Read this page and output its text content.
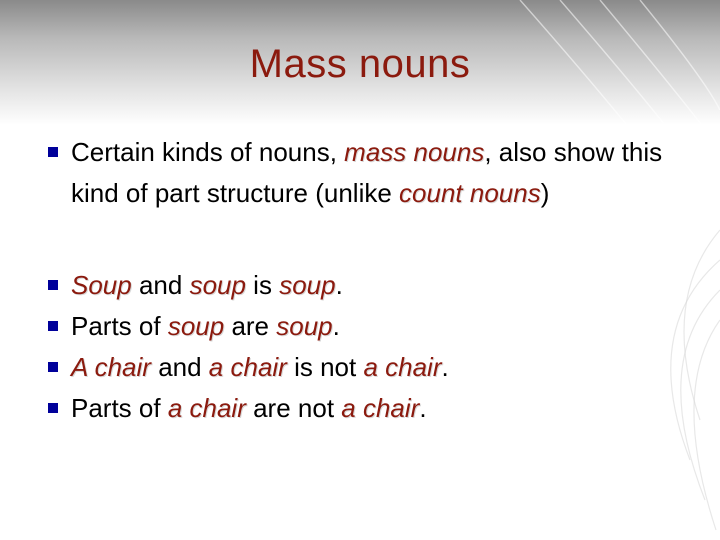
Mass nouns
Certain kinds of nouns, mass nouns, also show this kind of part structure (unlike count nouns)
Soup and soup is soup.
Parts of soup are soup.
A chair and a chair is not a chair.
Parts of a chair are not a chair.
